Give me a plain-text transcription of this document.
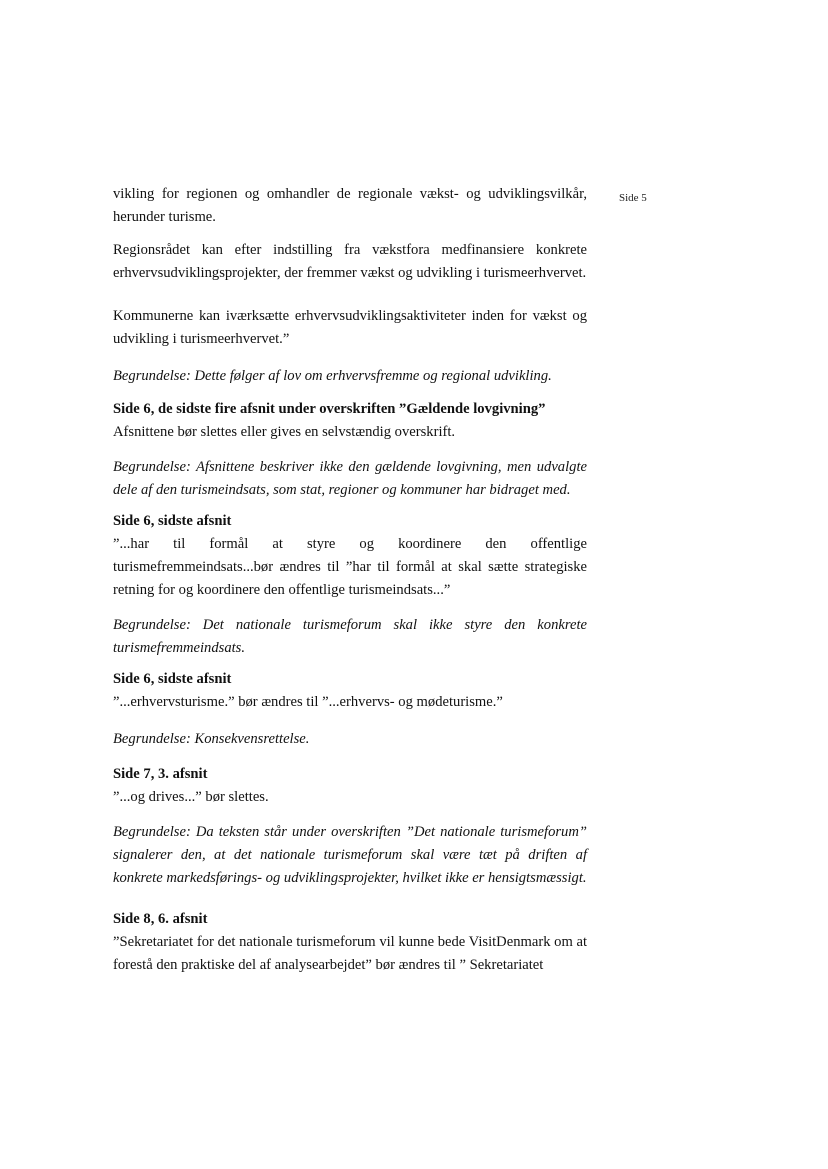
Side 5

vikling for regionen og omhandler de regionale vækst- og udviklingsvilkår, herunder turisme.

Regionsrådet kan efter indstilling fra vækstfora medfinansiere konkrete erhvervsudviklingsprojekter, der fremmer vækst og udvikling i turismeerhvervet.

Kommunerne kan iværksætte erhvervsudviklingsaktiviteter inden for vækst og udvikling i turismeerhvervet.”

Begrundelse: Dette følger af lov om erhvervsfremme og regional udvikling.

Side 6, de sidste fire afsnit under overskriften ”Gældende lovgivning”

Afsnittene bør slettes eller gives en selvstændig overskrift.

Begrundelse: Afsnittene beskriver ikke den gældende lovgivning, men udvalgte dele af den turismeindsats, som stat, regioner og kommuner har bidraget med.

Side 6, sidste afsnit

”...har til formål at styre og koordinere den offentlige turismefremmeindsats...bør ændres til ”har til formål at skal sætte strategiske retning for og koordinere den offentlige turismeindsats...”

Begrundelse: Det nationale turismeforum skal ikke styre den konkrete turismefremmeindsats.

Side 6, sidste afsnit

”...erhvervsturisme.” bør ændres til ”...erhvervs- og mødeturisme.”

Begrundelse: Konsekvensrettelse.

Side 7, 3. afsnit

”...og drives...” bør slettes.

Begrundelse: Da teksten står under overskriften ”Det nationale turismeforum” signalerer den, at det nationale turismeforum skal være tæt på driften af konkrete markedsførings- og udviklingsprojekter, hvilket ikke er hensigtsmæssigt.

Side 8, 6. afsnit

”Sekretariatet for det nationale turismeforum vil kunne bede VisitDenmark om at forestå den praktiske del af analysearbejdet” bør ændres til ” Sekretariatet
